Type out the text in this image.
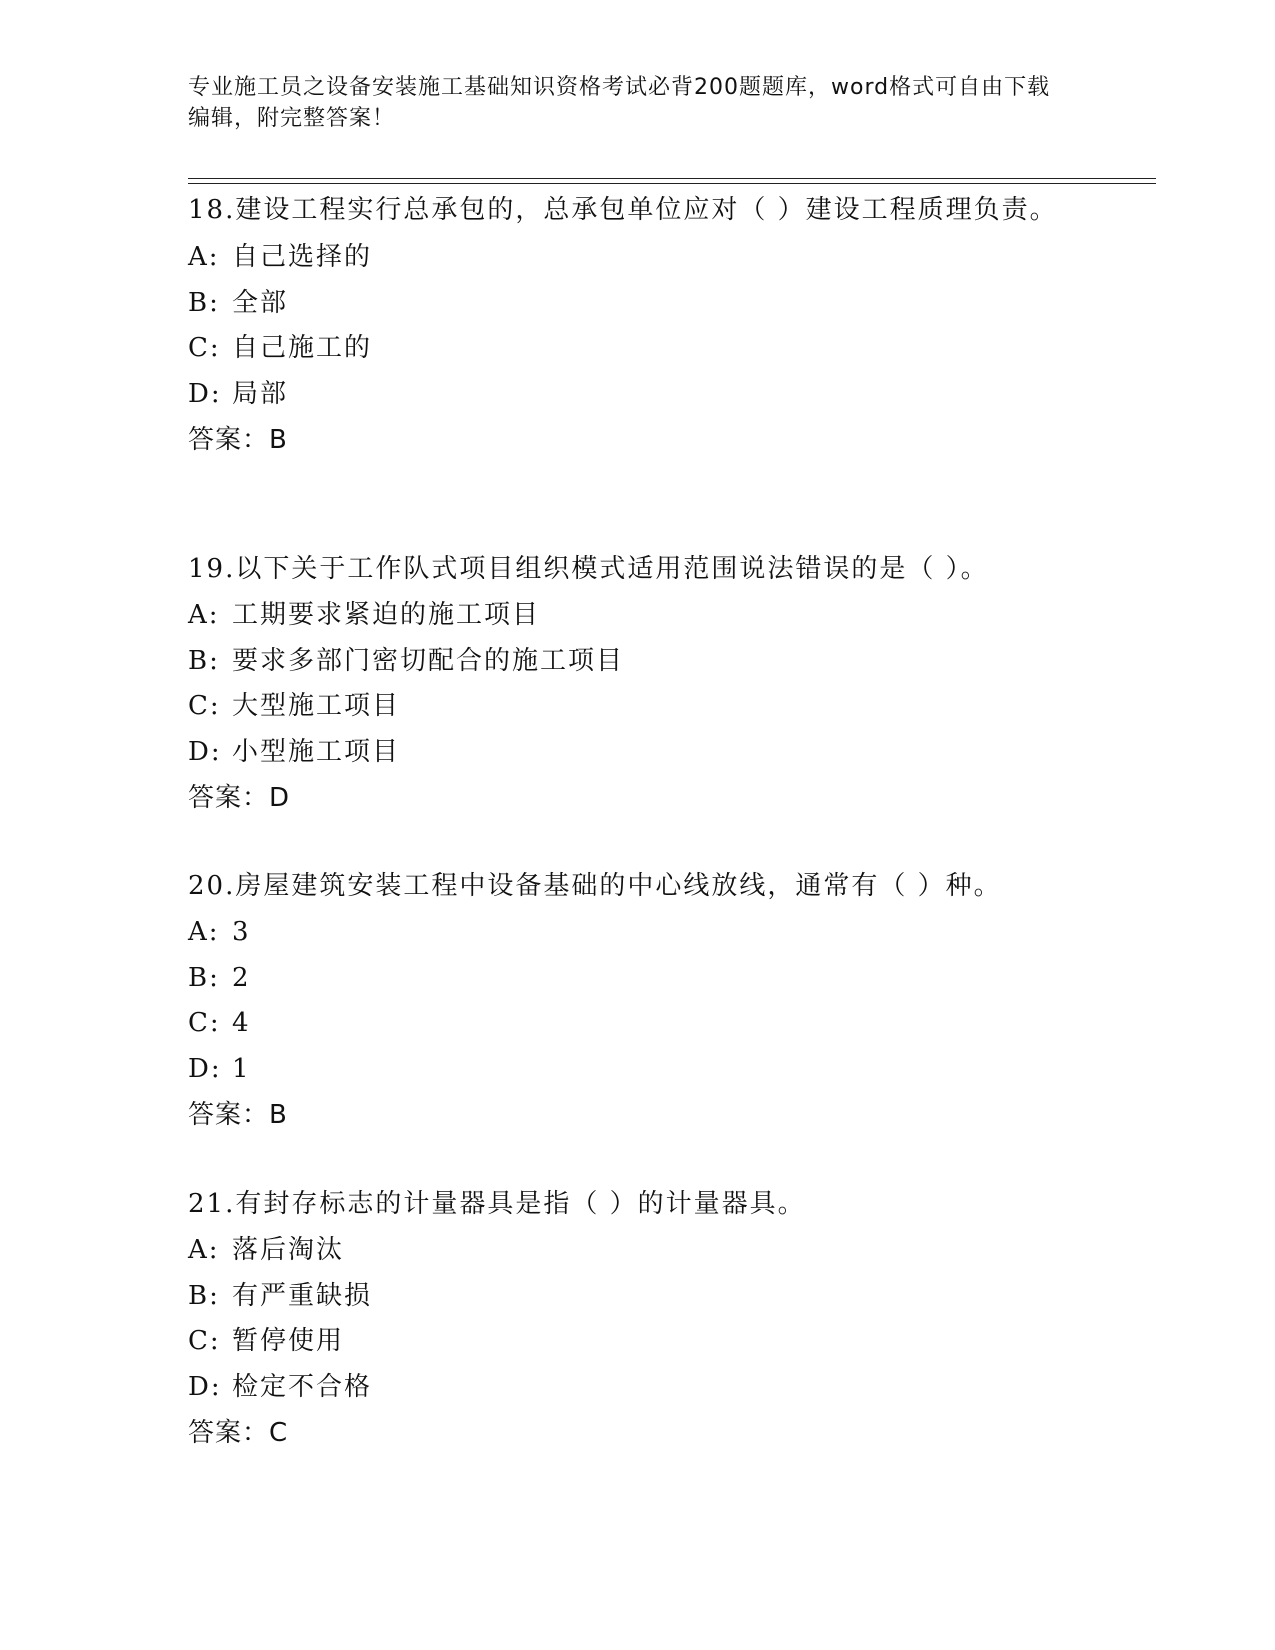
专业施工员之设备安装施工基础知识资格考试必背200题题库，word格式可自由下载编辑，附完整答案！

18.建设工程实行总承包的，总承包单位应对（ ）建设工程质理负责。

A: 自己选择的
B: 全部
C: 自己施工的
D: 局部
答案：B

19.以下关于工作队式项目组织模式适用范围说法错误的是（ ）。

A: 工期要求紧迫的施工项目
B: 要求多部门密切配合的施工项目
C: 大型施工项目
D: 小型施工项目
答案：D

20.房屋建筑安装工程中设备基础的中心线放线，通常有（ ）种。

A: 3
B: 2
C: 4
D: 1
答案：B

21.有封存标志的计量器具是指（ ）的计量器具。

A: 落后淘汰
B: 有严重缺损
C: 暂停使用
D: 检定不合格
答案：C
